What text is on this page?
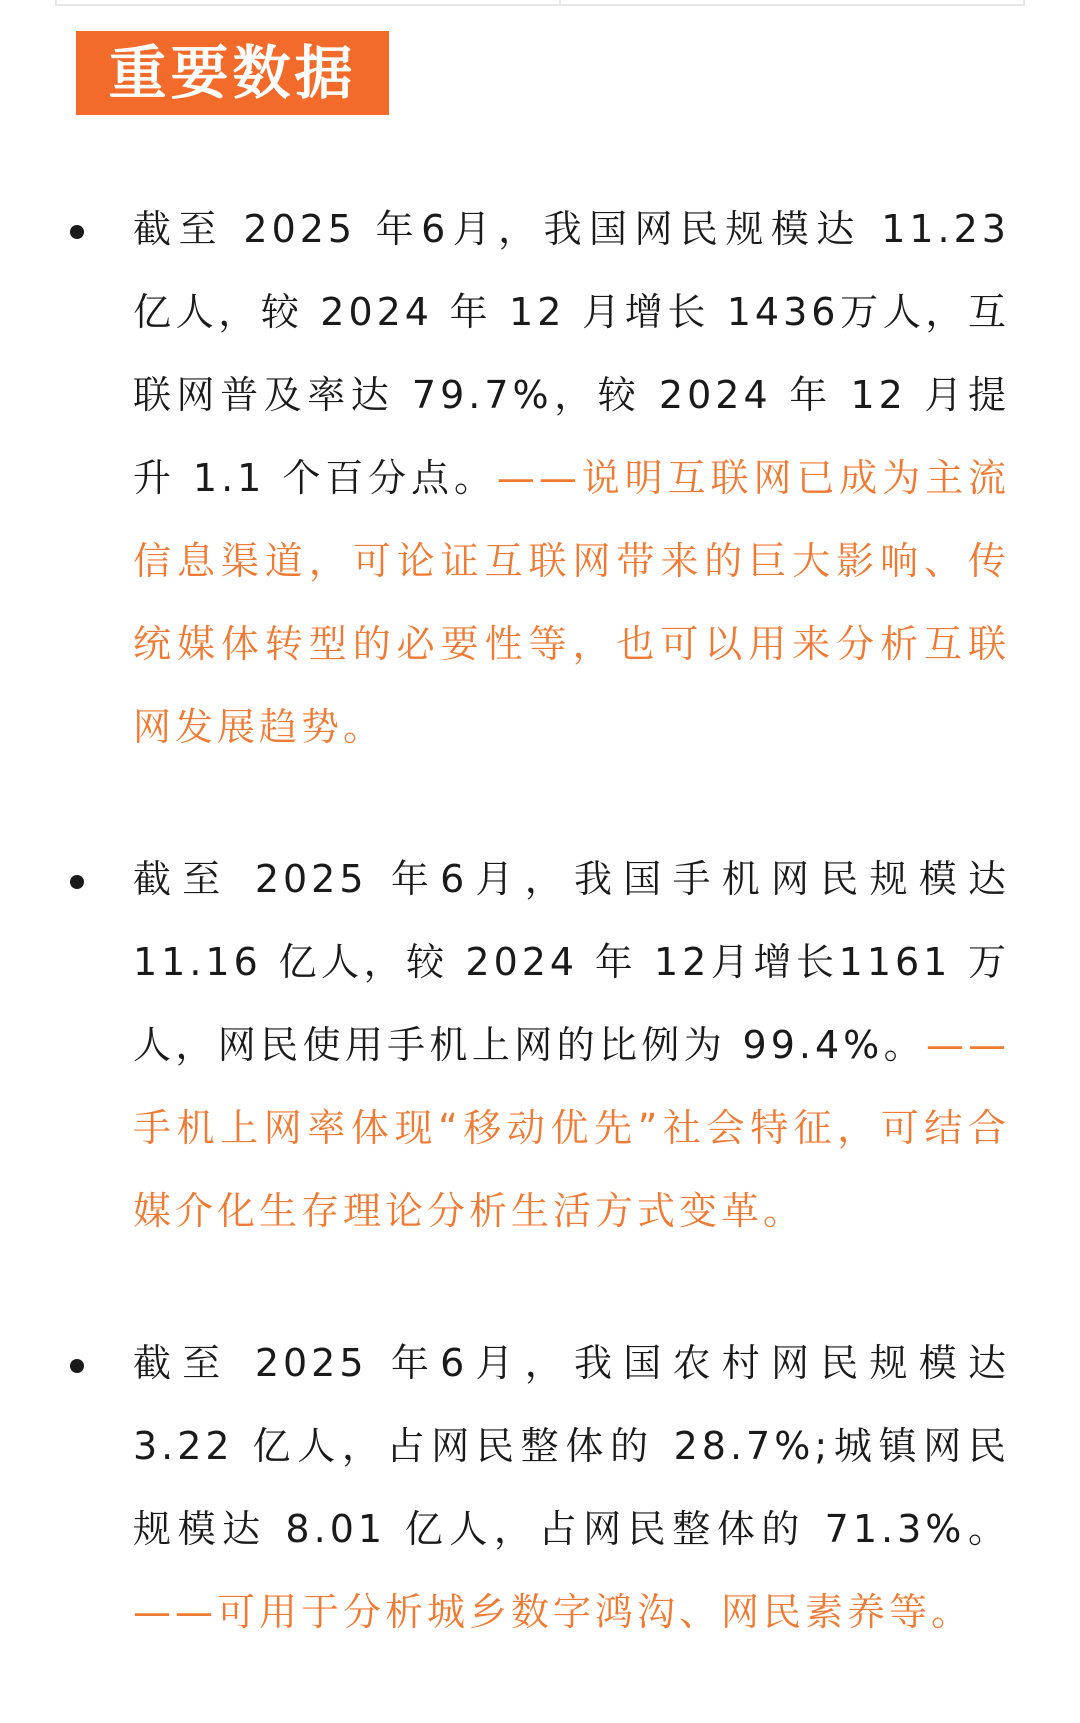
重要数据

截至 2025 年6月，我国网民规模达 11.23 亿人，较 2024 年 12 月增长 1436万人，互联网普及率达 79.7%，较 2024 年 12 月提升 1.1 个百分点。——说明互联网已成为主流信息渠道，可论证互联网带来的巨大影响、传统媒体转型的必要性等，也可以用来分析互联网发展趋势。

截至 2025 年6月，我国手机网民规模达 11.16 亿人，较 2024 年 12月增长1161 万人，网民使用手机上网的比例为 99.4%。——手机上网率体现“移动优先”社会特征，可结合媒介化生存理论分析生活方式变革。

截至 2025 年6月，我国农村网民规模达 3.22 亿人，占网民整体的 28.7%;城镇网民规模达 8.01 亿人，占网民整体的 71.3%。——可用于分析城乡数字鸿沟、网民素养等。
